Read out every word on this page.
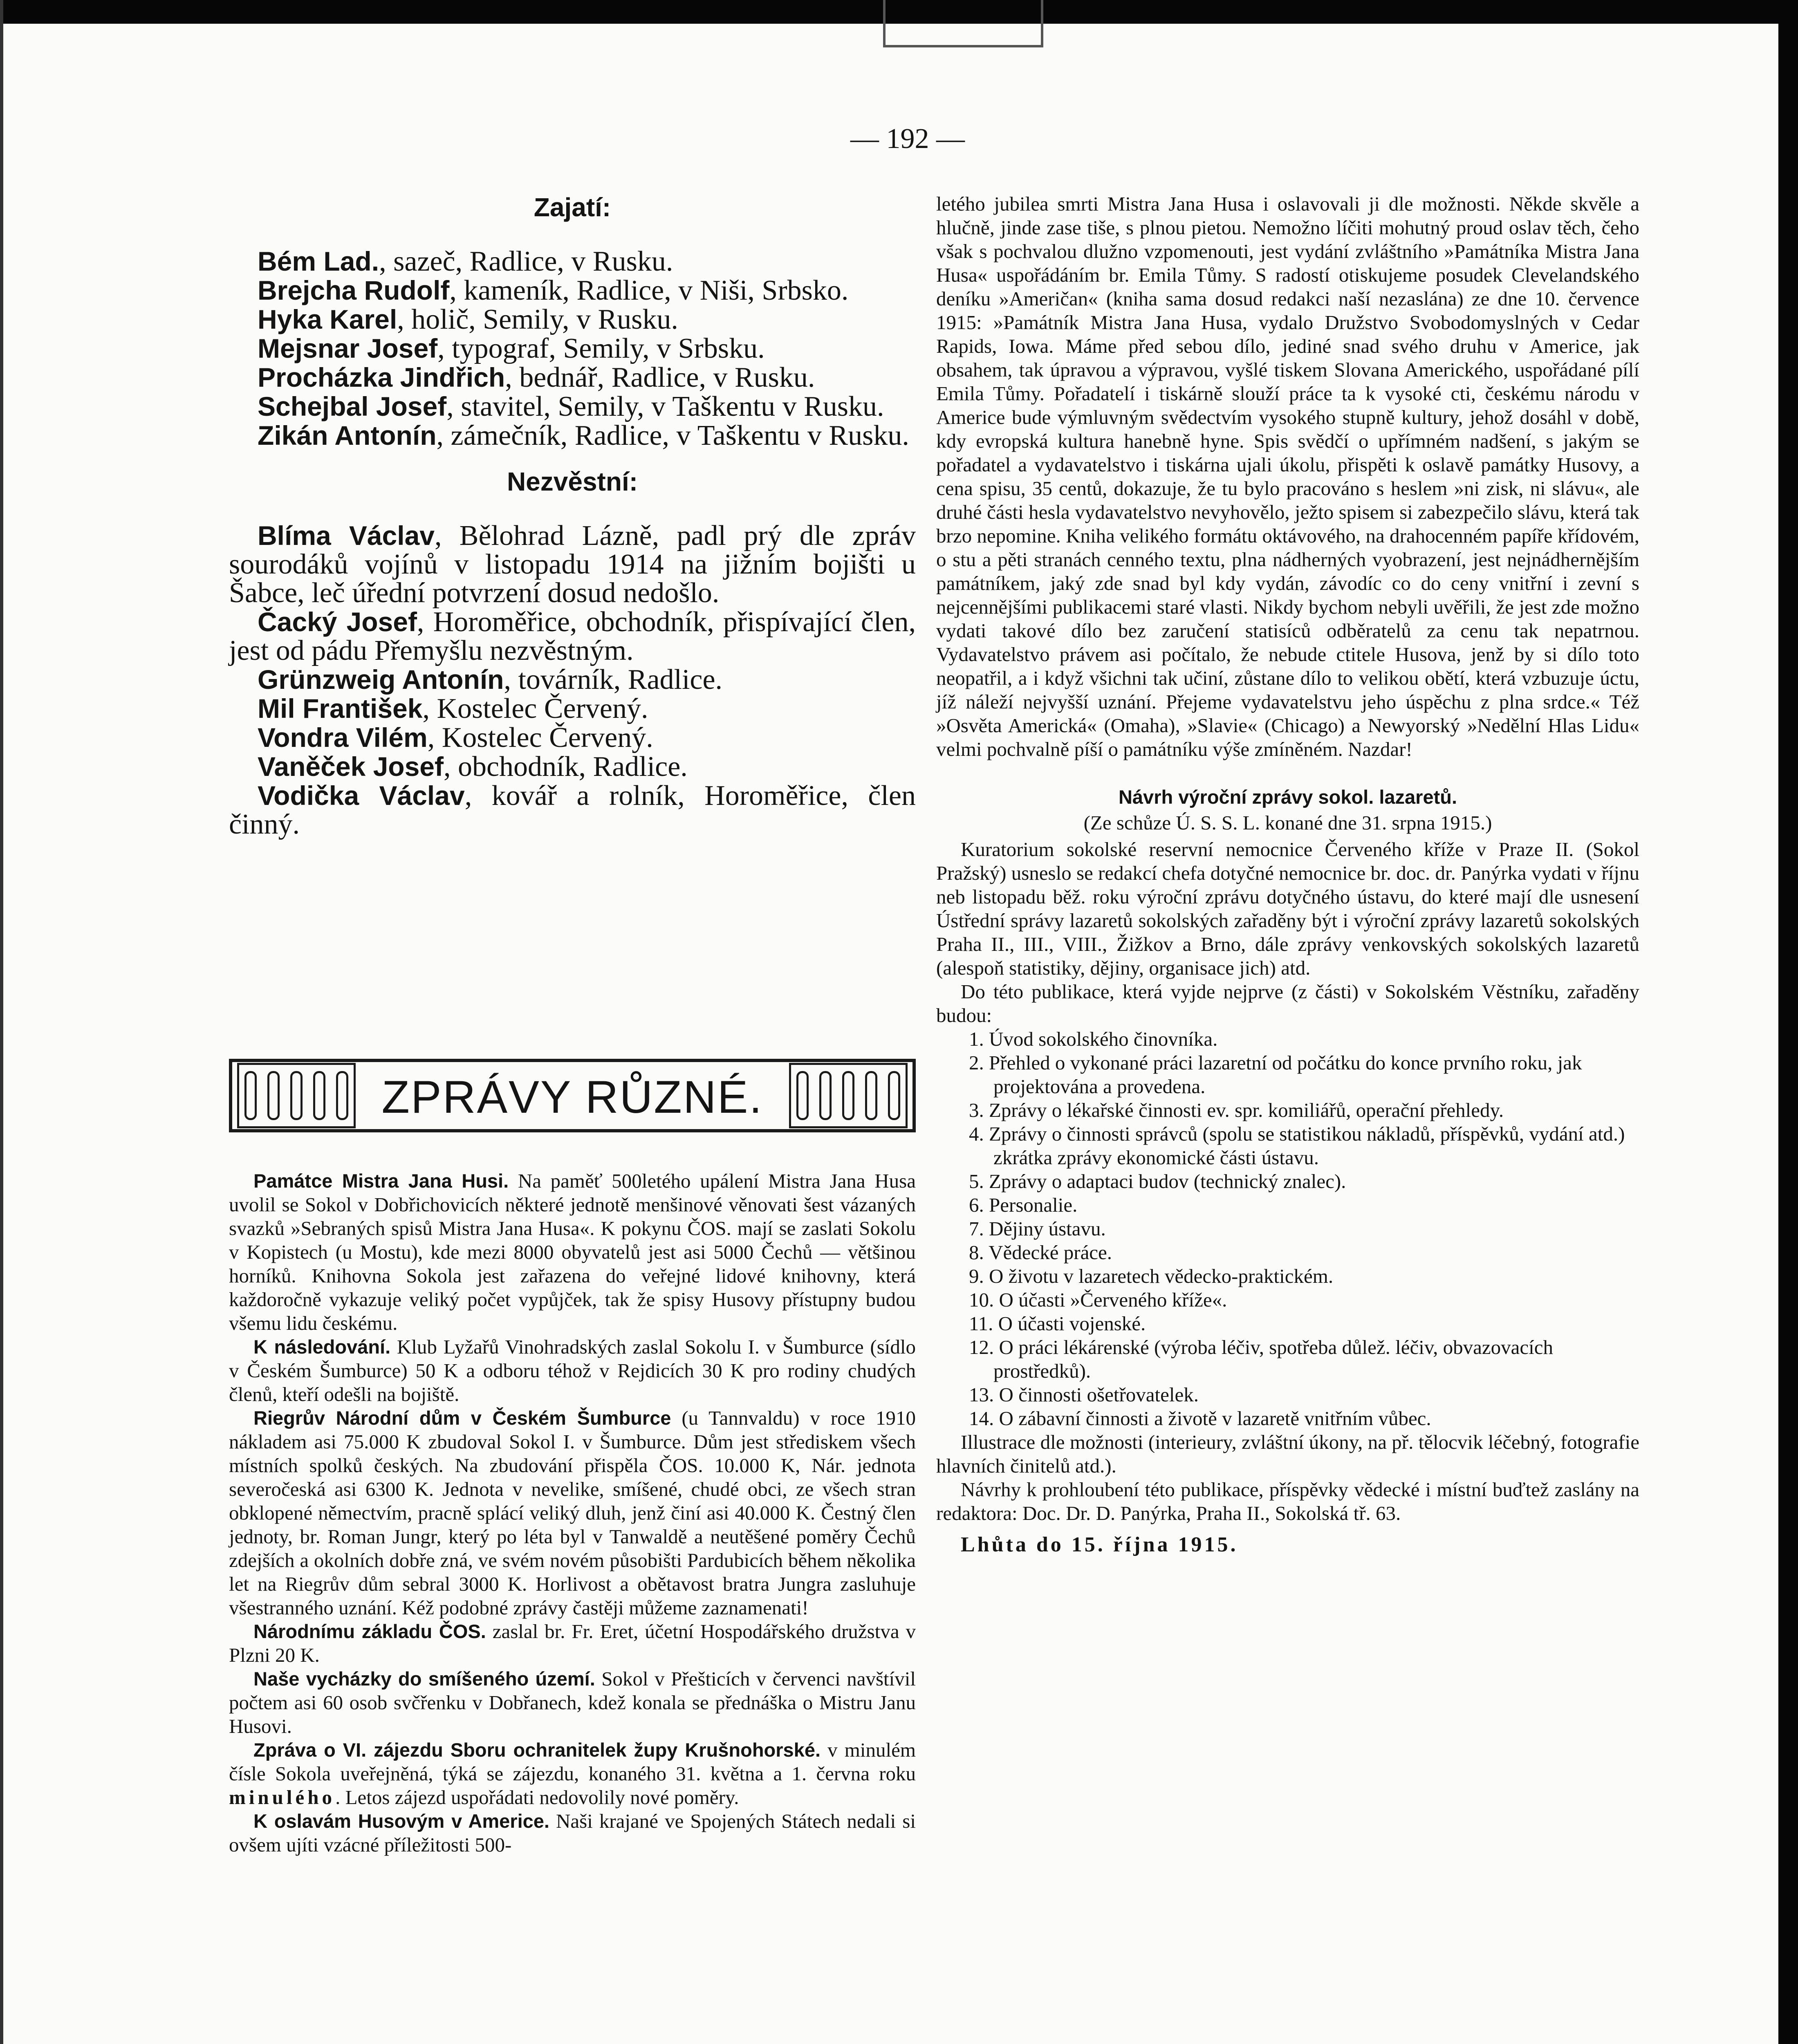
— 192 —
Zajatí:

Bém Lad., sazeč, Radlice, v Rusku.

Brejcha Rudolf, kameník, Radlice, v Niši, Srbsko.

Hyka Karel, holič, Semily, v Rusku.

Mejsnar Josef, typograf, Semily, v Srbsku.

Procházka Jindřich, bednář, Radlice, v Rusku.

Schejbal Josef, stavitel, Semily, v Taškentu v Rusku.

Zikán Antonín, zámečník, Radlice, v Taškentu v Rusku.

Nezvěstní:

Blíma Václav, Bělohrad Lázně, padl prý dle zpráv sourodáků vojínů v listopadu 1914 na jižním bojišti u Šabce, leč úřední potvrzení dosud nedošlo.

Čacký Josef, Horoměřice, obchodník, přispívající člen, jest od pádu Přemyšlu nezvěstným.

Grünzweig Antonín, továrník, Radlice.

Mil František, Kostelec Červený.

Vondra Vilém, Kostelec Červený.

Vaněček Josef, obchodník, Radlice.

Vodička Václav, kovář a rolník, Horoměřice, člen činný.

ZPRÁVY RŮZNÉ.

Památce Mistra Jana Husi. Na paměť 500letého upálení Mistra Jana Husa uvolil se Sokol v Dobřichovicích některé jednotě menšinové věnovati šest vázaných svazků »Sebraných spisů Mistra Jana Husa«. K pokynu ČOS. mají se zaslati Sokolu v Kopistech (u Mostu), kde mezi 8000 obyvatelů jest asi 5000 Čechů — většinou horníků. Knihovna Sokola jest zařazena do veřejné lidové knihovny, která každoročně vykazuje veliký počet vypůjček, tak že spisy Husovy přístupny budou všemu lidu českému.

K následování. Klub Lyžařů Vinohradských zaslal Sokolu I. v Šumburce (sídlo v Českém Šumburce) 50 K a odboru téhož v Rejdicích 30 K pro rodiny chudých členů, kteří odešli na bojiště.

Riegrův Národní dům v Českém Šumburce (u Tannvaldu) v roce 1910 nákladem asi 75.000 K zbudoval Sokol I. v Šumburce. Dům jest střediskem všech místních spolků českých. Na zbudování přispěla ČOS. 10.000 K, Nár. jednota severočeská asi 6300 K. Jednota v nevelike, smíšené, chudé obci, ze všech stran obklopené němectvím, pracně splácí veliký dluh, jenž činí asi 40.000 K. Čestný člen jednoty, br. Roman Jungr, který po léta byl v Tanwaldě a neutěšené poměry Čechů zdejších a okolních dobře zná, ve svém novém působišti Pardubicích během několika let na Riegrův dům sebral 3000 K. Horlivost a obětavost bratra Jungra zasluhuje všestranného uznání. Kéž podobné zprávy častěji můžeme zaznamenati!

Národnímu základu ČOS. zaslal br. Fr. Eret, účetní Hospodářského družstva v Plzni 20 K.

Naše vycházky do smíšeného území. Sokol v Přešticích v červenci navštívil počtem asi 60 osob svčřenku v Dobřanech, kdež konala se přednáška o Mistru Janu Husovi.

Zpráva o VI. zájezdu Sboru ochranitelek župy Krušnohorské. v minulém čísle Sokola uveřejněná, týká se zájezdu, konaného 31. května a 1. června roku minulého. Letos zájezd uspořádati nedovolily nové poměry.

K oslavám Husovým v Americe. Naši krajané ve Spojených Státech nedali si ovšem ujíti vzácné příležitosti 500-

letého jubilea smrti Mistra Jana Husa i oslavovali ji dle možnosti. Někde skvěle a hlučně, jinde zase tiše, s plnou pietou. Nemožno líčiti mohutný proud oslav těch, čeho však s pochvalou dlužno vzpomenouti, jest vydání zvláštního »Památníka Mistra Jana Husa« uspořádáním br. Emila Tůmy. S radostí otiskujeme posudek Clevelandského deníku »Američan« (kniha sama dosud redakci naší nezaslána) ze dne 10. července 1915: »Památník Mistra Jana Husa, vydalo Družstvo Svobodomyslných v Cedar Rapids, Iowa. Máme před sebou dílo, jediné snad svého druhu v Americe, jak obsahem, tak úpravou a výpravou, vyšlé tiskem Slovana Amerického, uspořádané pílí Emila Tůmy. Pořadatelí i tiskárně slouží práce ta k vysoké cti, českému národu v Americe bude výmluvným svědectvím vysokého stupně kultury, jehož dosáhl v době, kdy evropská kultura hanebně hyne. Spis svědčí o upřímném nadšení, s jakým se pořadatel a vydavatelstvo i tiskárna ujali úkolu, přispěti k oslavě památky Husovy, a cena spisu, 35 centů, dokazuje, že tu bylo pracováno s heslem »ni zisk, ni slávu«, ale druhé části hesla vydavatelstvo nevyhovělo, ježto spisem si zabezpečilo slávu, která tak brzo nepomine. Kniha velikého formátu oktávového, na drahocenném papíře křídovém, o stu a pěti stranách cenného textu, plna nádherných vyobrazení, jest nejnádhernějším památníkem, jaký zde snad byl kdy vydán, závodíc co do ceny vnitřní i zevní s nejcennějšími publikacemi staré vlasti. Nikdy bychom nebyli uvěřili, že jest zde možno vydati takové dílo bez zaručení statisíců odběratelů za cenu tak nepatrnou. Vydavatelstvo právem asi počítalo, že nebude ctitele Husova, jenž by si dílo toto neopatřil, a i když všichni tak učiní, zůstane dílo to velikou obětí, která vzbuzuje úctu, jíž náleží nejvyšší uznání. Přejeme vydavatelstvu jeho úspěchu z plna srdce.« Též »Osvěta Americká« (Omaha), »Slavie« (Chicago) a Newyorský »Nedělní Hlas Lidu« velmi pochvalně píší o památníku výše zmíněném. Nazdar!

Návrh výroční zprávy sokol. lazaretů.
(Ze schůze Ú. S. S. L. konané dne 31. srpna 1915.)

Kuratorium sokolské reservní nemocnice Červeného kříže v Praze II. (Sokol Pražský) usneslo se redakcí chefa dotyčné nemocnice br. doc. dr. Panýrka vydati v říjnu neb listopadu běž. roku výroční zprávu dotyčného ústavu, do které mají dle usnesení Ústřední správy lazaretů sokolských zařaděny být i výroční zprávy lazaretů sokolských Praha II., III., VIII., Žižkov a Brno, dále zprávy venkovských sokolských lazaretů (alespoň statistiky, dějiny, organisace jich) atd.

Do této publikace, která vyjde nejprve (z části) v Sokolském Věstníku, zařaděny budou:

1. Úvod sokolského činovníka.

2. Přehled o vykonané práci lazaretní od počátku do konce prvního roku, jak projektována a provedena.

3. Zprávy o lékařské činnosti ev. spr. komiliářů, operační přehledy.

4. Zprávy o činnosti správců (spolu se statistikou nákladů, příspěvků, vydání atd.) zkrátka zprávy ekonomické části ústavu.

5. Zprávy o adaptaci budov (technický znalec).

6. Personalie.

7. Dějiny ústavu.

8. Vědecké práce.

9. O životu v lazaretech vědecko-praktickém.

10. O účasti »Červeného kříže«.

11. O účasti vojenské.

12. O práci lékárenské (výroba léčiv, spotřeba důlež. léčiv, obvazovacích prostředků).

13. O činnosti ošetřovatelek.

14. O zábavní činnosti a životě v lazaretě vnitřním vůbec.

Illustrace dle možnosti (interieury, zvláštní úkony, na př. tělocvik léčebný, fotografie hlavních činitelů atd.).

Návrhy k prohloubení této publikace, příspěvky vědecké i místní buďtež zaslány na redaktora: Doc. Dr. D. Panýrka, Praha II., Sokolská tř. 63.

Lhůta do 15. října 1915.
